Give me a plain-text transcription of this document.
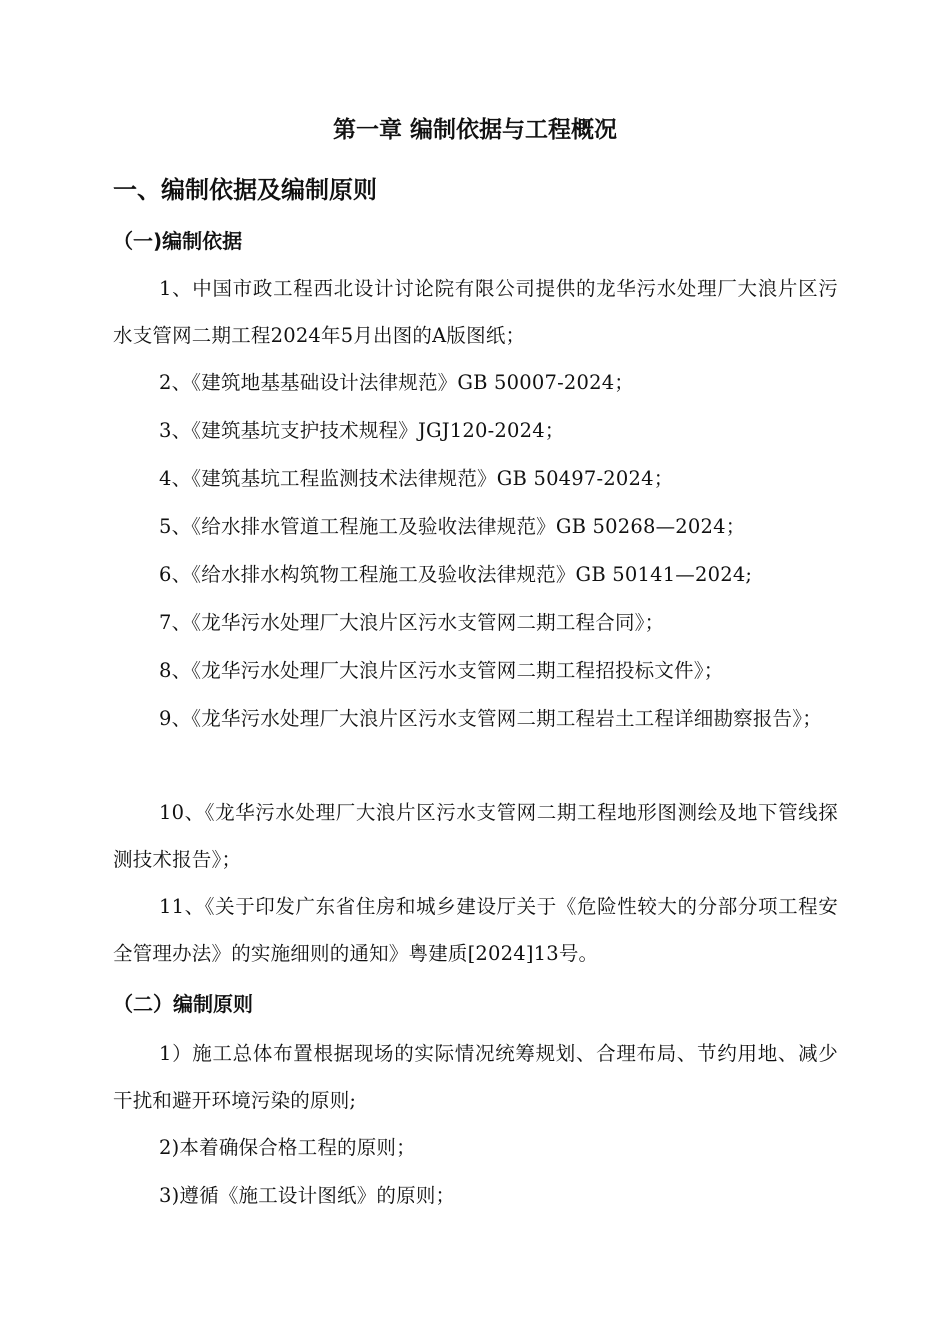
第一章 编制依据与工程概况
一、编制依据及编制原则
（一)编制依据
1、中国市政工程西北设计讨论院有限公司提供的龙华污水处理厂大浪片区污水支管网二期工程2024年5月出图的A版图纸；
2、《建筑地基基础设计法律规范》GB 50007-2024；
3、《建筑基坑支护技术规程》JGJ120-2024；
4、《建筑基坑工程监测技术法律规范》GB 50497-2024；
5、《给水排水管道工程施工及验收法律规范》GB 50268—2024；
6、《给水排水构筑物工程施工及验收法律规范》GB 50141—2024;
7、《龙华污水处理厂大浪片区污水支管网二期工程合同》；
8、《龙华污水处理厂大浪片区污水支管网二期工程招投标文件》；
9、《龙华污水处理厂大浪片区污水支管网二期工程岩土工程详细勘察报告》；
10、《龙华污水处理厂大浪片区污水支管网二期工程地形图测绘及地下管线探测技术报告》；
11、《关于印发广东省住房和城乡建设厅关于《危险性较大的分部分项工程安全管理办法》的实施细则的通知》粤建质[2024]13号。
（二）编制原则
1）施工总体布置根据现场的实际情况统筹规划、合理布局、节约用地、减少干扰和避开环境污染的原则;
2)本着确保合格工程的原则；
3)遵循《施工设计图纸》的原则；
